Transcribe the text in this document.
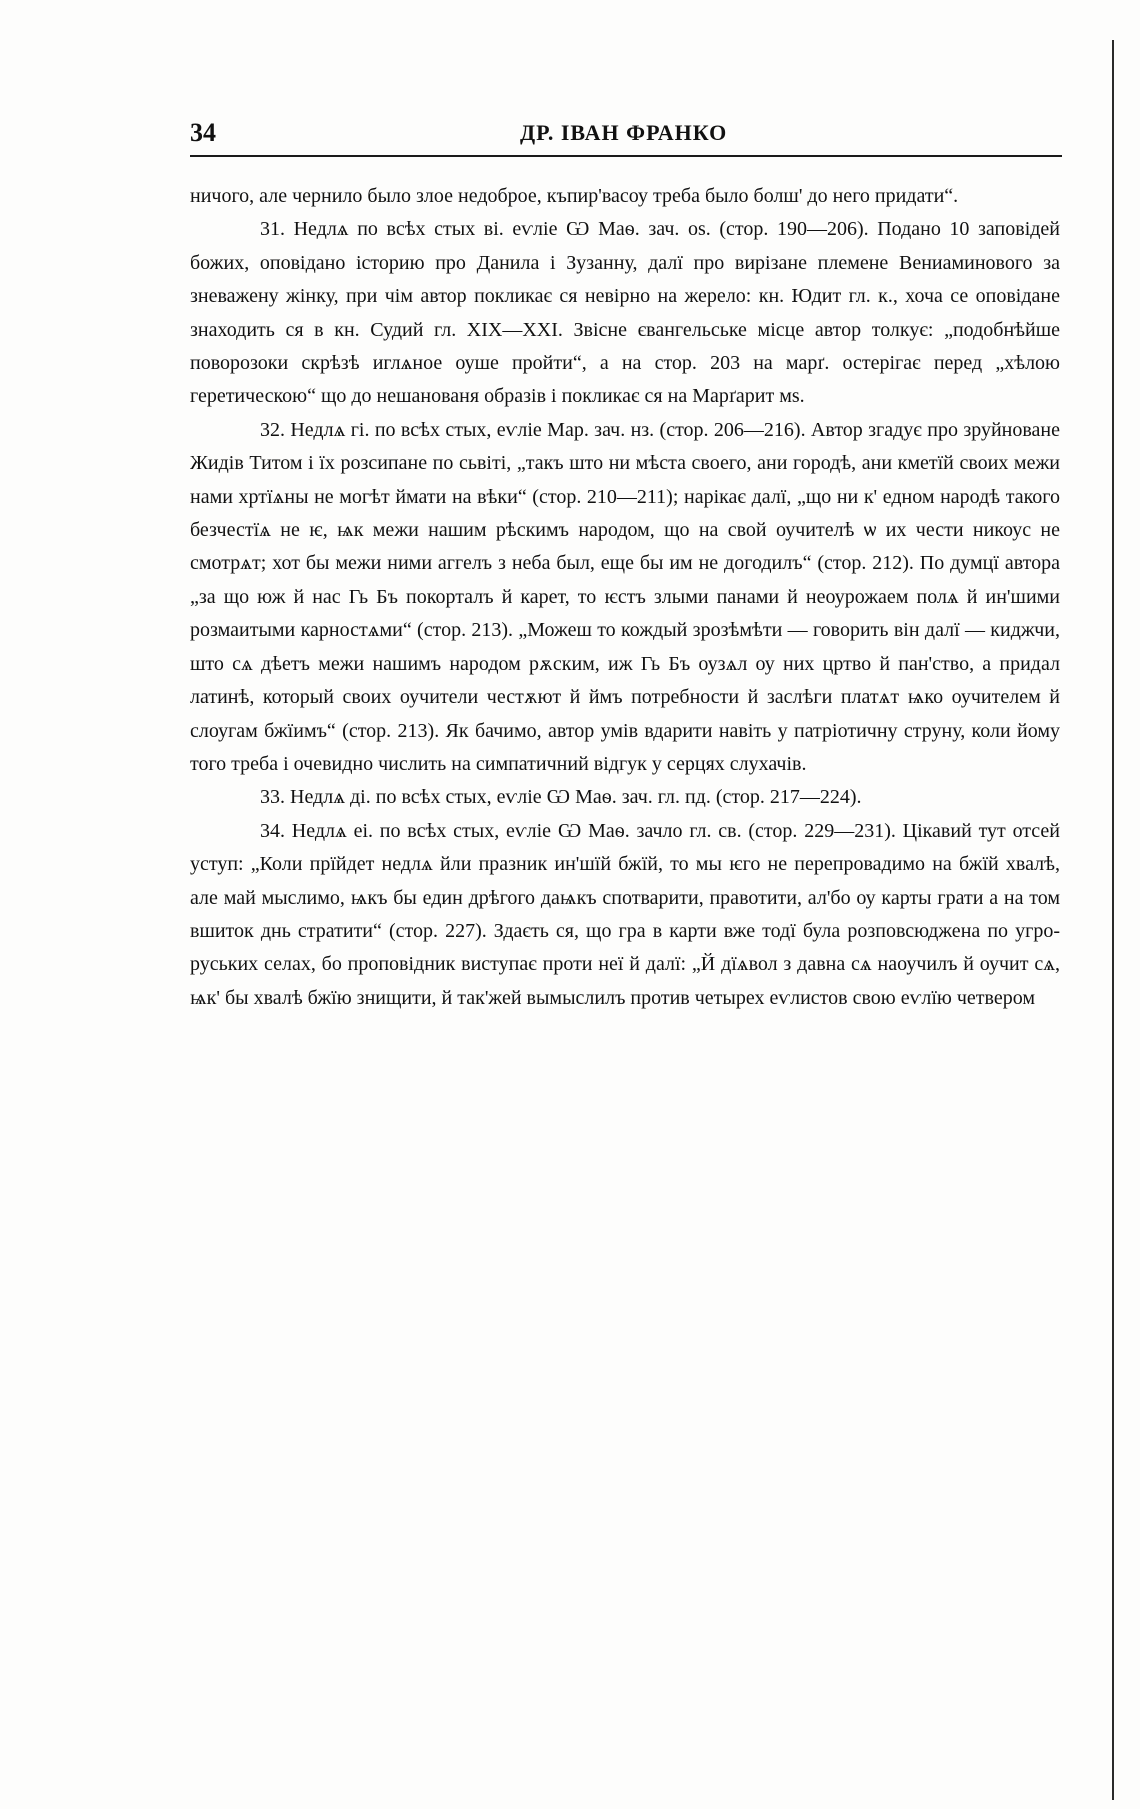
34	ДР. ІВАН ФРАНКО

ничого, але чернило было злое недоброе, къпир'васоу треба было болш' до него придати“.

31. Недлѧ по всѣх стых ві. еѵліе Ѡ Маѳ. зач. оѕ. (стор. 190—206). Подано 10 заповідей божих, оповідано історию про Данила і Зузанну, далї про вирізане племене Вениаминового за зневажену жінку, при чім автор покликає ся невірно на жерело: кн. Юдит гл. к., хоча се оповідане знаходить ся в кн. Судий гл. XIX—XXI. Звісне євангельське місце автор толкує: „подобнѣйше поворозоки скрѣзѣ иглѧное оуше пройти“, а на стор. 203 на марґ. остерігає перед „хѣлою геретическою“ що до нешанованя образів і покликає ся на Марґарит мѕ.

32. Недлѧ гі. по всѣх стых, еѵліе Мар. зач. нз. (стор. 206—216). Автор згадує про зруйноване Жидів Титом і їх розсипане по сьвіті, „такъ што ни мѣста своего, ани городѣ, ани кметїй своих межи нами хртїѧны не могѣт ймати на вѣки“ (стор. 210—211); нарікає далї, „що ни к' едном народѣ такого безчестїѧ не ѥ, ѩк межи нашим рѣскимъ народом, що на свой оучителѣ ѡ их чести никоус не смотрѧт; хот бы межи ними аггелъ з неба был, еще бы им не догодилъ“ (стор. 212). По думцї автора „за що юж й нас Гь Бъ покорталъ й карет, то ѥстъ злыми панами й неоурожаем полѧ й ин'шими розмаитыми карностѧми“ (стор. 213). „Можеш то кождый зрозѣмѣти — говорить він далї — киджчи, што сѧ дѣетъ межи нашимъ народом рѫским, иж Гь Бъ оузѧл оу них цртво й пан'ство, а придал латинѣ, который своих оучители честѫют й ймъ потребности й заслѣги платѧт ѩко оучителем й слоугам бжїимъ“ (стор. 213). Як бачимо, автор умів вдарити навіть у патріотичну струну, коли йому того треба і очевидно числить на симпатичний відгук у серцях слухачів.

33. Недлѧ ді. по всѣх стых, еѵліе Ѡ Маѳ. зач. гл. пд. (стор. 217—224).

34. Недлѧ еі. по всѣх стых, еѵліе Ѡ Маѳ. зачло гл. св. (стор. 229—231). Цікавий тут отсей уступ: „Коли прїйдет недлѧ йли празник ин'шїй бжїй, то мы ѥго не перепровадимо на бжїй хвалѣ, але май мыслимо, ѩкъ бы един дрѣгого даѩкъ спотварити, правотити, ал'бо оу карты грати а на том вшиток днь стратити“ (стор. 227). Здаєть ся, що гра в карти вже тодї була розповсюджена по угро-руських селах, бо проповідник виступає проти неї й далї: „Й дїѧвол з давна сѧ наоучилъ й оучит сѧ, ѩк' бы хвалѣ бжїю знищити, й так'жей вымыслилъ против четырех еѵлистов свою еѵлїю четвером
